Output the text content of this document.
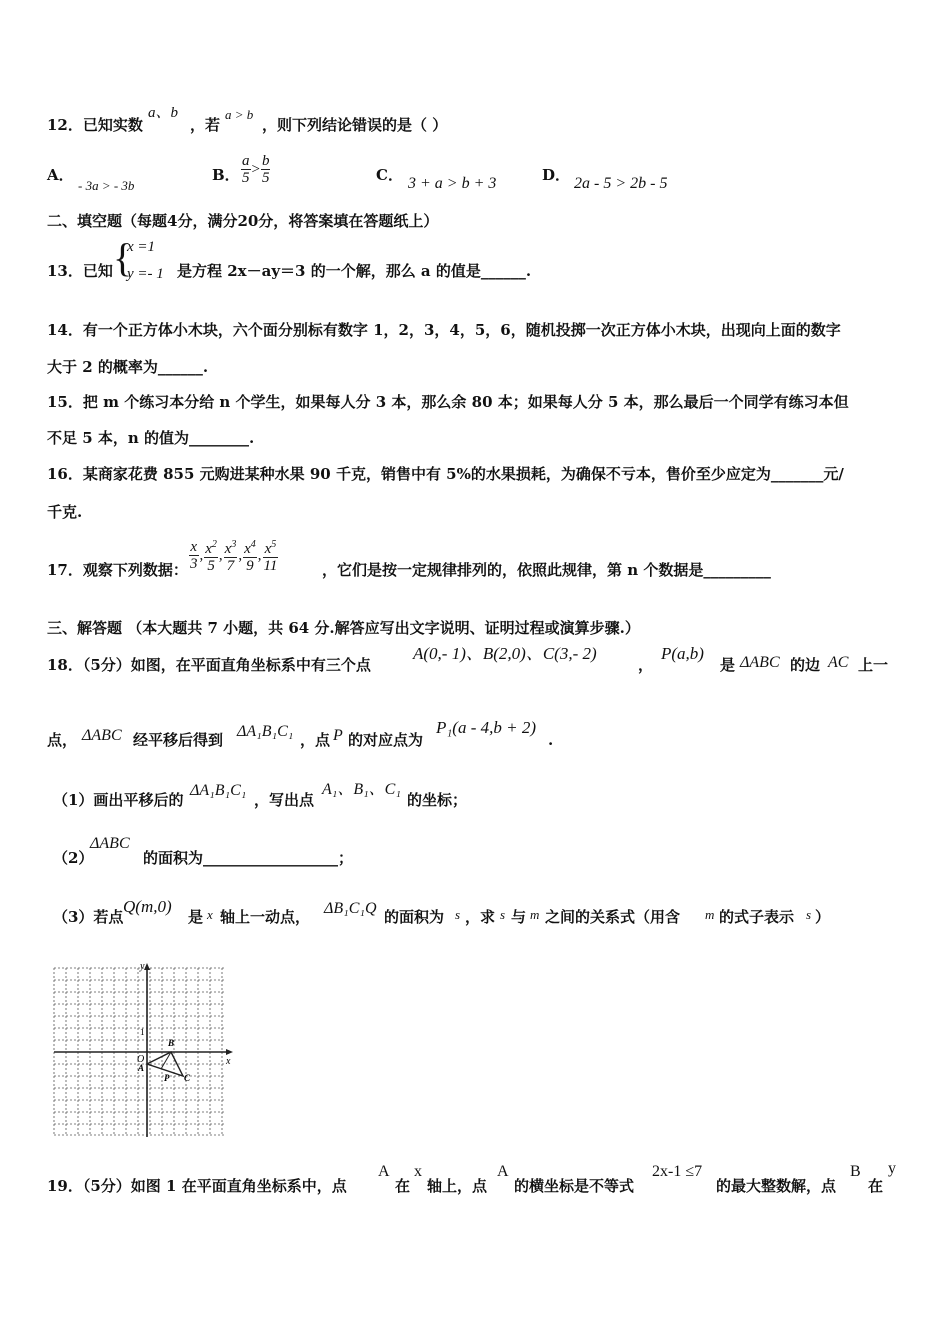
12．已知实数
a、b
，若
a > b
，则下列结论错误的是（ ）
A．
- 3a > - 3b
B． $\frac{a}{5} > \frac{b}{5}$	C． 3 + a > b + 3	D． 2a - 5 > 2b - 5
二、填空题（每题4分，满分20分，将答案填在答题纸上）
13．已知 {
x =1
y =- 1 是方程 2x－ay＝3 的一个解，那么 a 的值是______.
14．有一个正方体小木块，六个面分别标有数字 1，2，3，4，5，6，随机投掷一次正方体小木块，出现向上面的数字
大于 2 的概率为______.
15．把 m 个练习本分给 n 个学生，如果每人分 3 本，那么余 80 本；如果每人分 5 本，那么最后一个同学有练习本但
不足 5 本，n 的值为________.
16．某商家花费 855 元购进某种水果 90 千克，销售中有 5%的水果损耗，为确保不亏本，售价至少应定为_______元/
千克.
17．观察下列数据： $\frac{x}{3}$ , $\frac{x^2}{5}$ , $\frac{x^3}{7}$ , $\frac{x^4}{9}$ , $\frac{x^5}{11}$	，它们是按一定规律排列的，依照此规律，第 n 个数据是_________
三、解答题 （本大题共 7 小题，共 64 分.解答应写出文字说明、证明过程或演算步骤.）
18．（5分）如图，在平面直角坐标系中有三个点
A(0,- 1)、B(2,0)、C(3,- 2)
，
P(a,b)
是 ΔABC 的边 AC 上一
点， ΔABC 经平移后得到 ΔA₁B₁C₁ ，点 P 的对应点为
P₁(a - 4,b + 2)
.
（1）画出平移后的
ΔA₁B₁C₁
，写出点
A₁、B₁、C₁
的坐标；
（2）
ΔABC
的面积为__________________；
（3）若点
Q(m,0)
是 x 轴上一动点， ΔB₁C₁Q 的面积为 s ，求 s 与 m 之间的关系式（用含 m 的式子表示 s ）
y
x
O
1
A
B
C
P
19．（5分）如图 1 在平面直角坐标系中，点
A
在
x
轴上，点
A
的横坐标是不等式
2x-1 ≤7
的最大整数解，点
B
在
y
